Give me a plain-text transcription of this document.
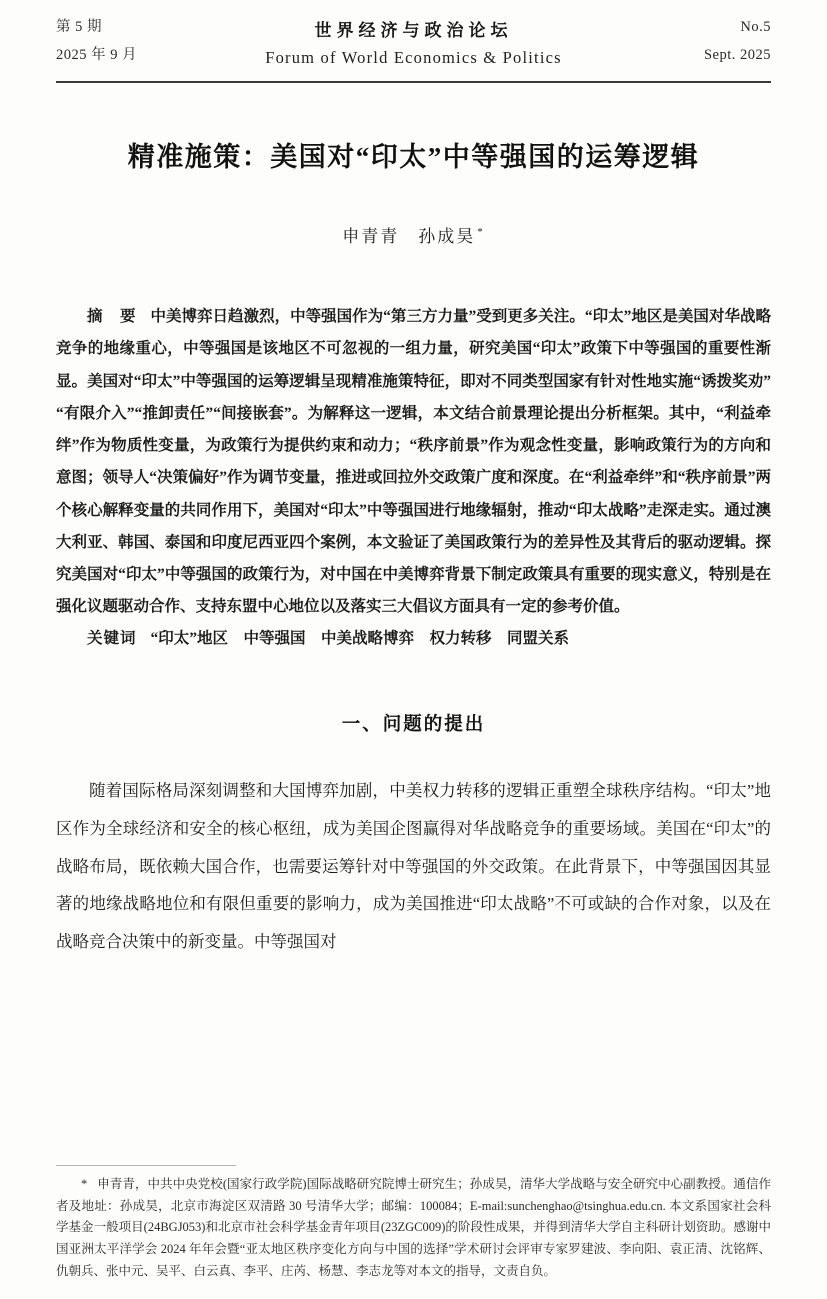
第 5 期
2025 年 9 月
世界经济与政治论坛
Forum of World Economics & Politics
No.5
Sept. 2025
精准施策：美国对“印太”中等强国的运筹逻辑
申青青　孙成昊 *

摘　要 中美博弈日趋激烈，中等强国作为“第三方力量”受到更多关注。“印太”地区是美国对华战略竞争的地缘重心，中等强国是该地区不可忽视的一组力量，研究美国“印太”政策下中等强国的重要性渐显。美国对“印太”中等强国的运筹逻辑呈现精准施策特征，即对不同类型国家有针对性地实施“诱拨奖劝”“有限介入”“推卸责任”“间接嵌套”。为解释这一逻辑，本文结合前景理论提出分析框架。其中，“利益牵绊”作为物质性变量，为政策行为提供约束和动力；“秩序前景”作为观念性变量，影响政策行为的方向和意图；领导人“决策偏好”作为调节变量，推进或回拉外交政策广度和深度。在“利益牵绊”和“秩序前景”两个核心解释变量的共同作用下，美国对“印太”中等强国进行地缘辐射，推动“印太战略”走深走实。通过澳大利亚、韩国、泰国和印度尼西亚四个案例，本文验证了美国政策行为的差异性及其背后的驱动逻辑。探究美国对“印太”中等强国的政策行为，对中国在中美博弈背景下制定政策具有重要的现实意义，特别是在强化议题驱动合作、支持东盟中心地位以及落实三大倡议方面具有一定的参考价值。

关键词 “印太”地区　中等强国　中美战略博弈　权力转移　同盟关系

一、问题的提出

随着国际格局深刻调整和大国博弈加剧，中美权力转移的逻辑正重塑全球秩序结构。“印太”地区作为全球经济和安全的核心枢纽，成为美国企图赢得对华战略竞争的重要场域。美国在“印太”的战略布局，既依赖大国合作，也需要运筹针对中等强国的外交政策。在此背景下，中等强国因其显著的地缘战略地位和有限但重要的影响力，成为美国推进“印太战略”不可或缺的合作对象，以及在战略竞合决策中的新变量。中等强国对

* 申青青，中共中央党校(国家行政学院)国际战略研究院博士研究生；孙成昊，清华大学战略与安全研究中心副教授。通信作者及地址：孙成昊，北京市海淀区双清路 30 号清华大学；邮编：100084；E-mail:sunchenghao@tsinghua.edu.cn. 本文系国家社会科学基金一般项目(24BGJ053)和北京市社会科学基金青年项目(23ZGC009)的阶段性成果，并得到清华大学自主科研计划资助。感谢中国亚洲太平洋学会 2024 年年会暨“亚太地区秩序变化方向与中国的选择”学术研讨会评审专家罗建波、李向阳、袁正清、沈铭辉、仇朝兵、张中元、吴平、白云真、李平、庄芮、杨慧、李志龙等对本文的指导，文责自负。
